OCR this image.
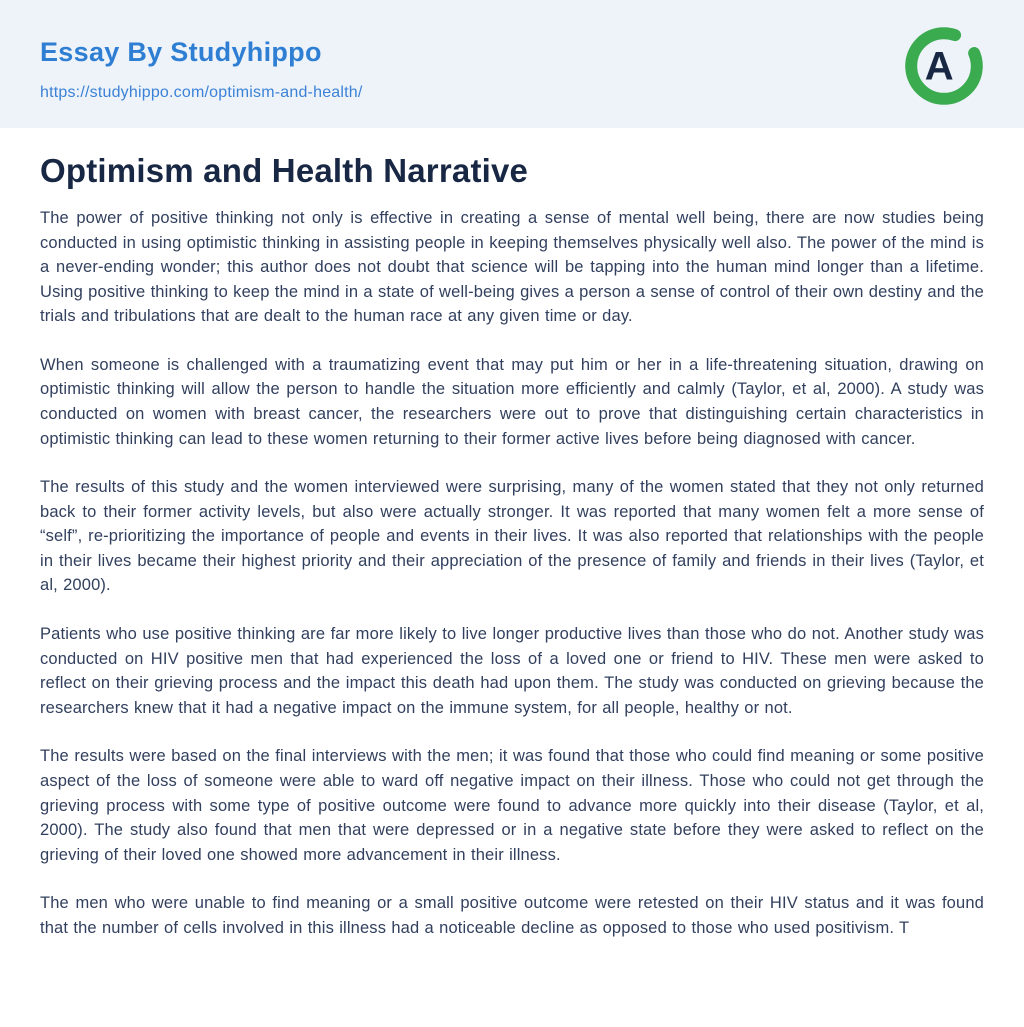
Essay By Studyhippo
https://studyhippo.com/optimism-and-health/
A
Optimism and Health Narrative

The power of positive thinking not only is effective in creating a sense of mental well being, there are now studies being conducted in using optimistic thinking in assisting people in keeping themselves physically well also. The power of the mind is a never-ending wonder; this author does not doubt that science will be tapping into the human mind longer than a lifetime. Using positive thinking to keep the mind in a state of well-being gives a person a sense of control of their own destiny and the trials and tribulations that are dealt to the human race at any given time or day.

When someone is challenged with a traumatizing event that may put him or her in a life-threatening situation, drawing on optimistic thinking will allow the person to handle the situation more efficiently and calmly (Taylor, et al, 2000). A study was conducted on women with breast cancer, the researchers were out to prove that distinguishing certain characteristics in optimistic thinking can lead to these women returning to their former active lives before being diagnosed with cancer.

The results of this study and the women interviewed were surprising, many of the women stated that they not only returned back to their former activity levels, but also were actually stronger. It was reported that many women felt a more sense of “self”, re-prioritizing the importance of people and events in their lives. It was also reported that relationships with the people in their lives became their highest priority and their appreciation of the presence of family and friends in their lives (Taylor, et al, 2000).

Patients who use positive thinking are far more likely to live longer productive lives than those who do not. Another study was conducted on HIV positive men that had experienced the loss of a loved one or friend to HIV. These men were asked to reflect on their grieving process and the impact this death had upon them. The study was conducted on grieving because the researchers knew that it had a negative impact on the immune system, for all people, healthy or not.

The results were based on the final interviews with the men; it was found that those who could find meaning or some positive aspect of the loss of someone were able to ward off negative impact on their illness. Those who could not get through the grieving process with some type of positive outcome were found to advance more quickly into their disease (Taylor, et al, 2000). The study also found that men that were depressed or in a negative state before they were asked to reflect on the grieving of their loved one showed more advancement in their illness.

The men who were unable to find meaning or a small positive outcome were retested on their HIV status and it was found that the number of cells involved in this illness had a noticeable decline as opposed to those who used positivism. T
